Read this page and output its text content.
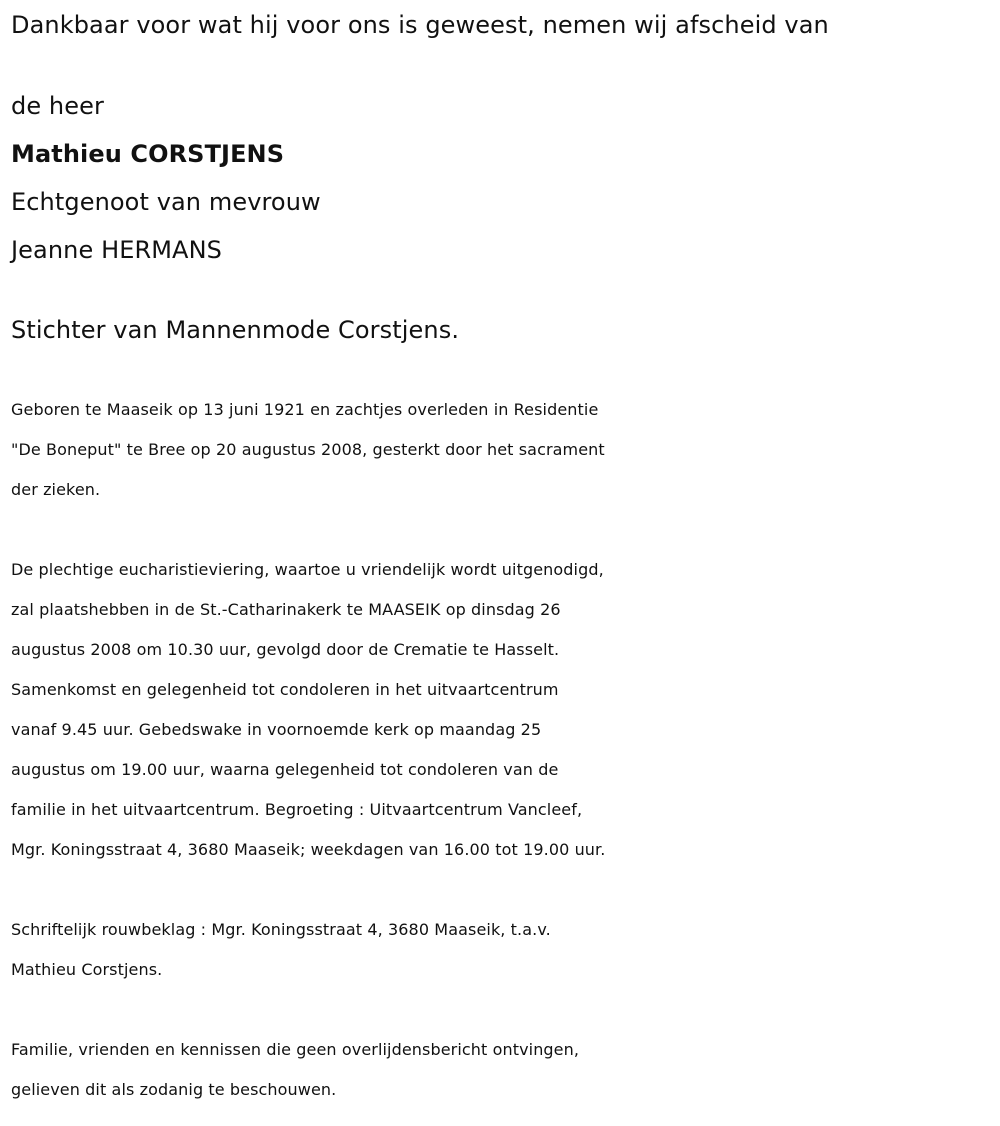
Dankbaar voor wat hij voor ons is geweest, nemen wij afscheid van
de heer
Mathieu CORSTJENS
Echtgenoot van mevrouw
Jeanne HERMANS
Stichter van Mannenmode Corstjens.
Geboren te Maaseik op 13 juni 1921 en zachtjes overleden in Residentie
"De Boneput" te Bree op 20 augustus 2008, gesterkt door het sacrament
der zieken.
De plechtige eucharistieviering, waartoe u vriendelijk wordt uitgenodigd,
zal plaatshebben in de St.-Catharinakerk te MAASEIK op dinsdag 26
augustus 2008 om 10.30 uur, gevolgd door de Crematie te Hasselt.
Samenkomst en gelegenheid tot condoleren in het uitvaartcentrum
vanaf 9.45 uur. Gebedswake in voornoemde kerk op maandag 25
augustus om 19.00 uur, waarna gelegenheid tot condoleren van de
familie in het uitvaartcentrum. Begroeting : Uitvaartcentrum Vancleef,
Mgr. Koningsstraat 4, 3680 Maaseik; weekdagen van 16.00 tot 19.00 uur.
Schriftelijk rouwbeklag : Mgr. Koningsstraat 4, 3680 Maaseik, t.a.v.
Mathieu Corstjens.
Familie, vrienden en kennissen die geen overlijdensbericht ontvingen,
gelieven dit als zodanig te beschouwen.
